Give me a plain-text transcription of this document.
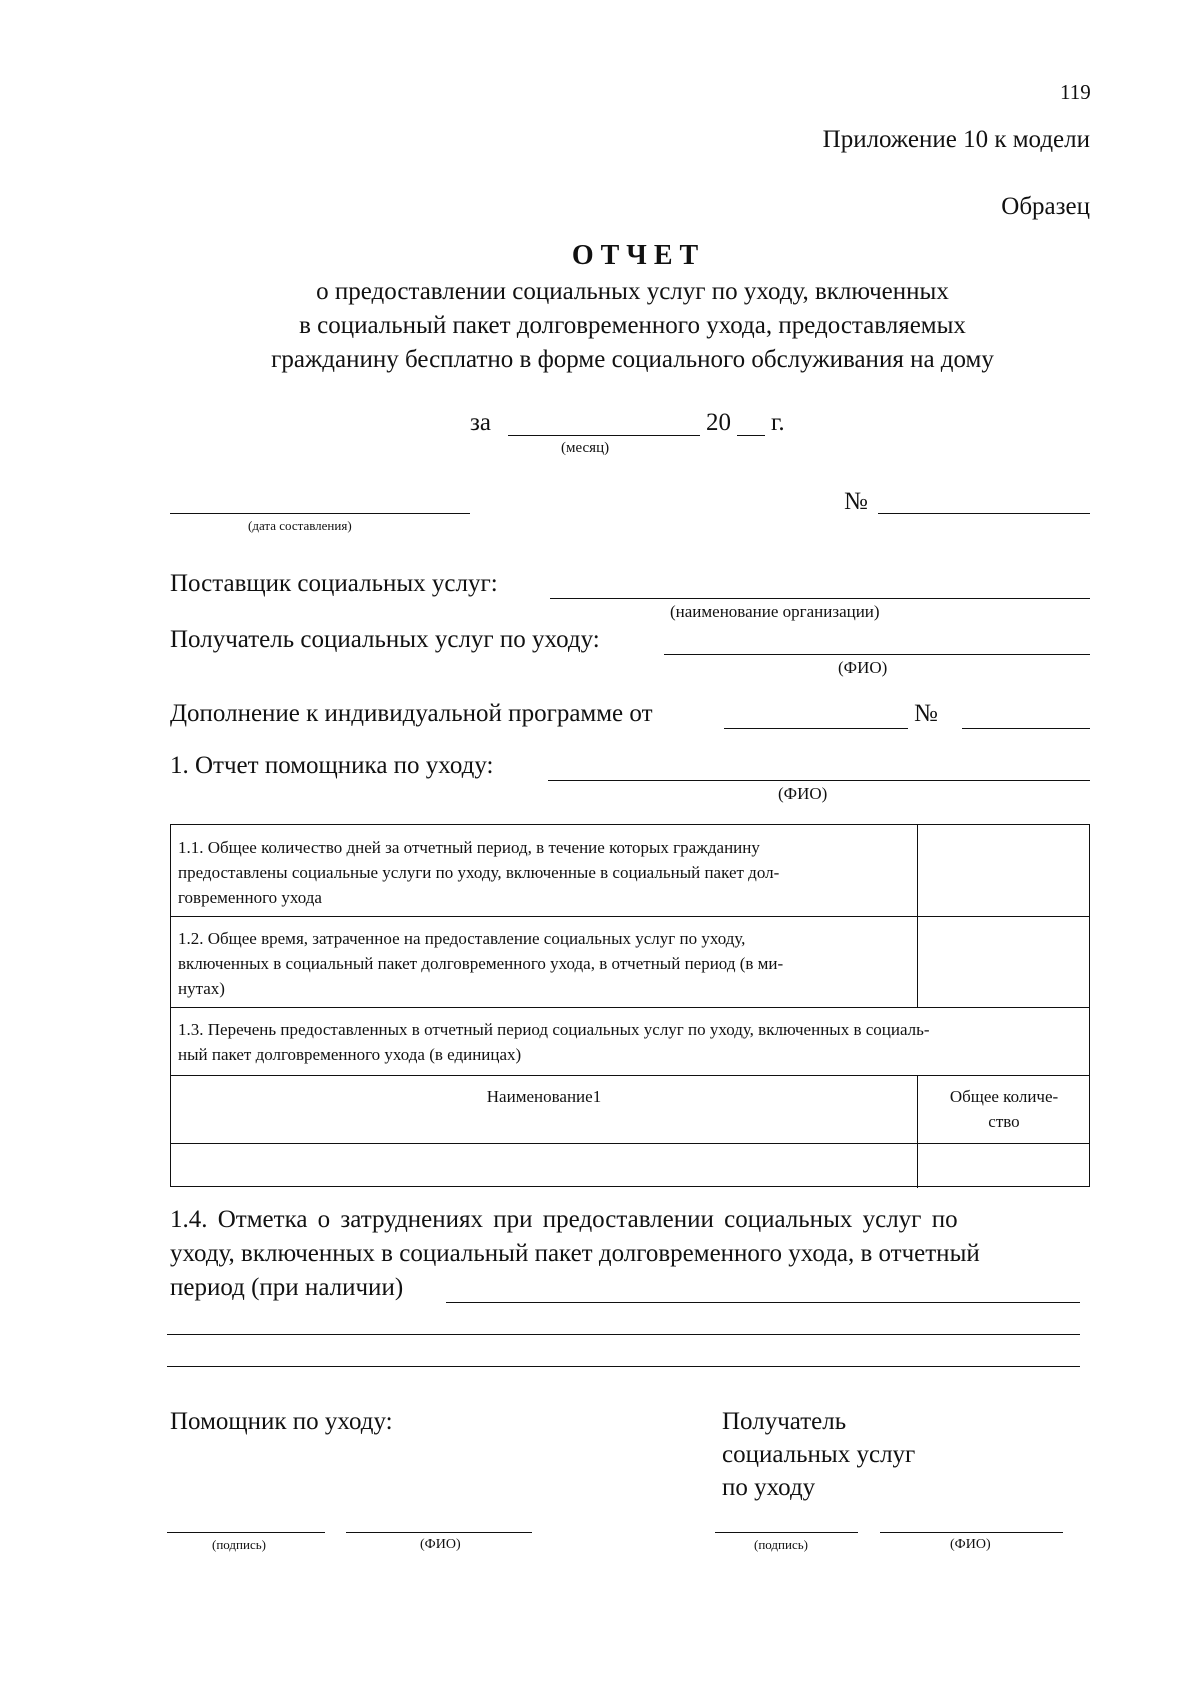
119
Приложение 10 к модели
Образец
О Т Ч Е Т
о предоставлении социальных услуг по уходу, включенных
в социальный пакет долговременного ухода, предоставляемых
гражданину бесплатно в форме социального обслуживания на дому
за	20 г.
(месяц)
(дата составления)
№
Поставщик социальных услуг:
(наименование организации)
Получатель социальных услуг по уходу:
(ФИО)
Дополнение к индивидуальной программе от	№
1. Отчет помощника по уходу:
(ФИО)
1.1. Общее количество дней за отчетный период, в течение которых гражданину
предоставлены социальные услуги по уходу, включенные в социальный пакет дол-
говременного ухода
1.2. Общее время, затраченное на предоставление социальных услуг по уходу,
включенных в социальный пакет долговременного ухода, в отчетный период (в ми-
нутах)
1.3. Перечень предоставленных в отчетный период социальных услуг по уходу, включенных в социаль-
ный пакет долговременного ухода (в единицах)
Наименование1	Общее количе-
ство
1.4. Отметка о затруднениях при предоставлении социальных услуг по
уходу, включенных в социальный пакет долговременного ухода, в отчетный
период (при наличии)
Помощник по уходу:	Получатель
социальных услуг
по уходу
(подпись)	(ФИО)	(подпись)	(ФИО)
